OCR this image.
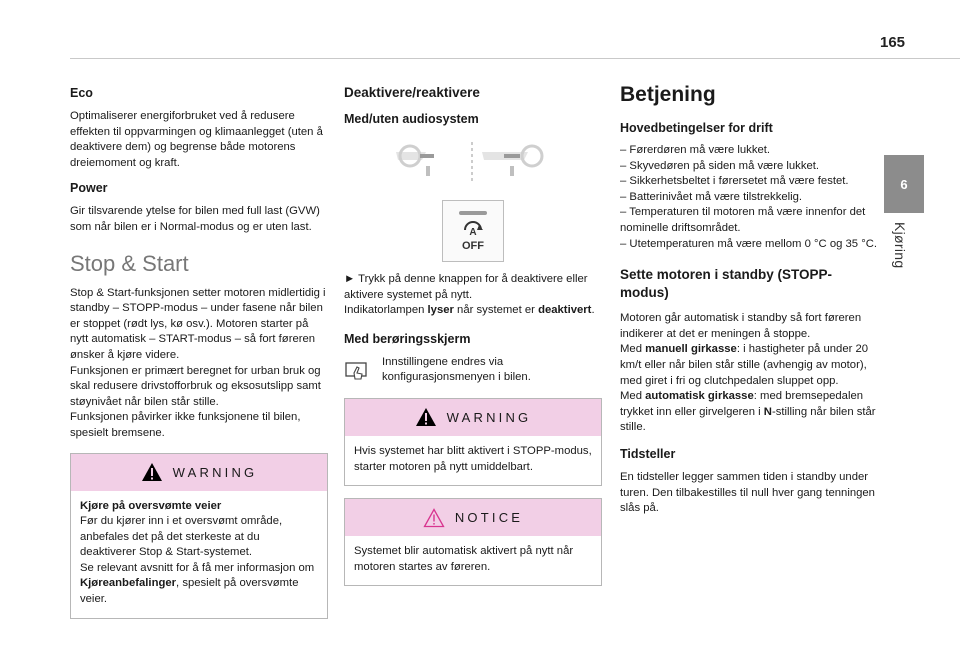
165
6
Kjøring
Eco

Optimaliserer energiforbruket ved å redusere effekten til oppvarmingen og klimaanlegget (uten å deaktivere dem) og begrense både motorens dreiemoment og kraft.

Power

Gir tilsvarende ytelse for bilen med full last (GVW) som når bilen er i Normal-modus og er uten last.

Stop & Start

Stop & Start-funksjonen setter motoren midlertidig i standby – STOPP-modus – under fasene når bilen er stoppet (rødt lys, kø osv.). Motoren starter på nytt automatisk – START-modus – så fort føreren ønsker å kjøre videre.

Funksjonen er primært beregnet for urban bruk og skal redusere drivstofforbruk og eksosutslipp samt støynivået når bilen står stille.

Funksjonen påvirker ikke funksjonene til bilen, spesielt bremsene.

WARNING

Kjøre på oversvømte veier

Før du kjører inn i et oversvømt område, anbefales det på det sterkeste at du deaktiverer Stop & Start-systemet.

Se relevant avsnitt for å få mer informasjon om Kjøreanbefalinger, spesielt på oversvømte veier.

Deaktivere/reaktivere
Med/uten audiosystem
A
OFF

► Trykk på denne knappen for å deaktivere eller aktivere systemet på nytt.

Indikatorlampen lyser når systemet er deaktivert.

Med berøringsskjerm

Innstillingene endres via konfigurasjonsmenyen i bilen.

WARNING

Hvis systemet har blitt aktivert i STOPP-modus, starter motoren på nytt umiddelbart.

NOTICE

Systemet blir automatisk aktivert på nytt når motoren startes av føreren.

Betjening
Hovedbetingelser for drift
– Førerdøren må være lukket.
– Skyvedøren på siden må være lukket.
– Sikkerhetsbeltet i førersetet må være festet.
– Batterinivået må være tilstrekkelig.
– Temperaturen til motoren må være innenfor det nominelle driftsområdet.
– Utetemperaturen må være mellom 0 °C og 35 °C.
Sette motoren i standby (STOPP-modus)

Motoren går automatisk i standby så fort føreren indikerer at det er meningen å stoppe.

Med manuell girkasse: i hastigheter på under 20 km/t eller når bilen står stille (avhengig av motor), med giret i fri og clutchpedalen sluppet opp.

Med automatisk girkasse: med bremsepedalen trykket inn eller girvelgeren i N-stilling når bilen står stille.

Tidsteller

En tidsteller legger sammen tiden i standby under turen. Den tilbakestilles til null hver gang tenningen slås på.
